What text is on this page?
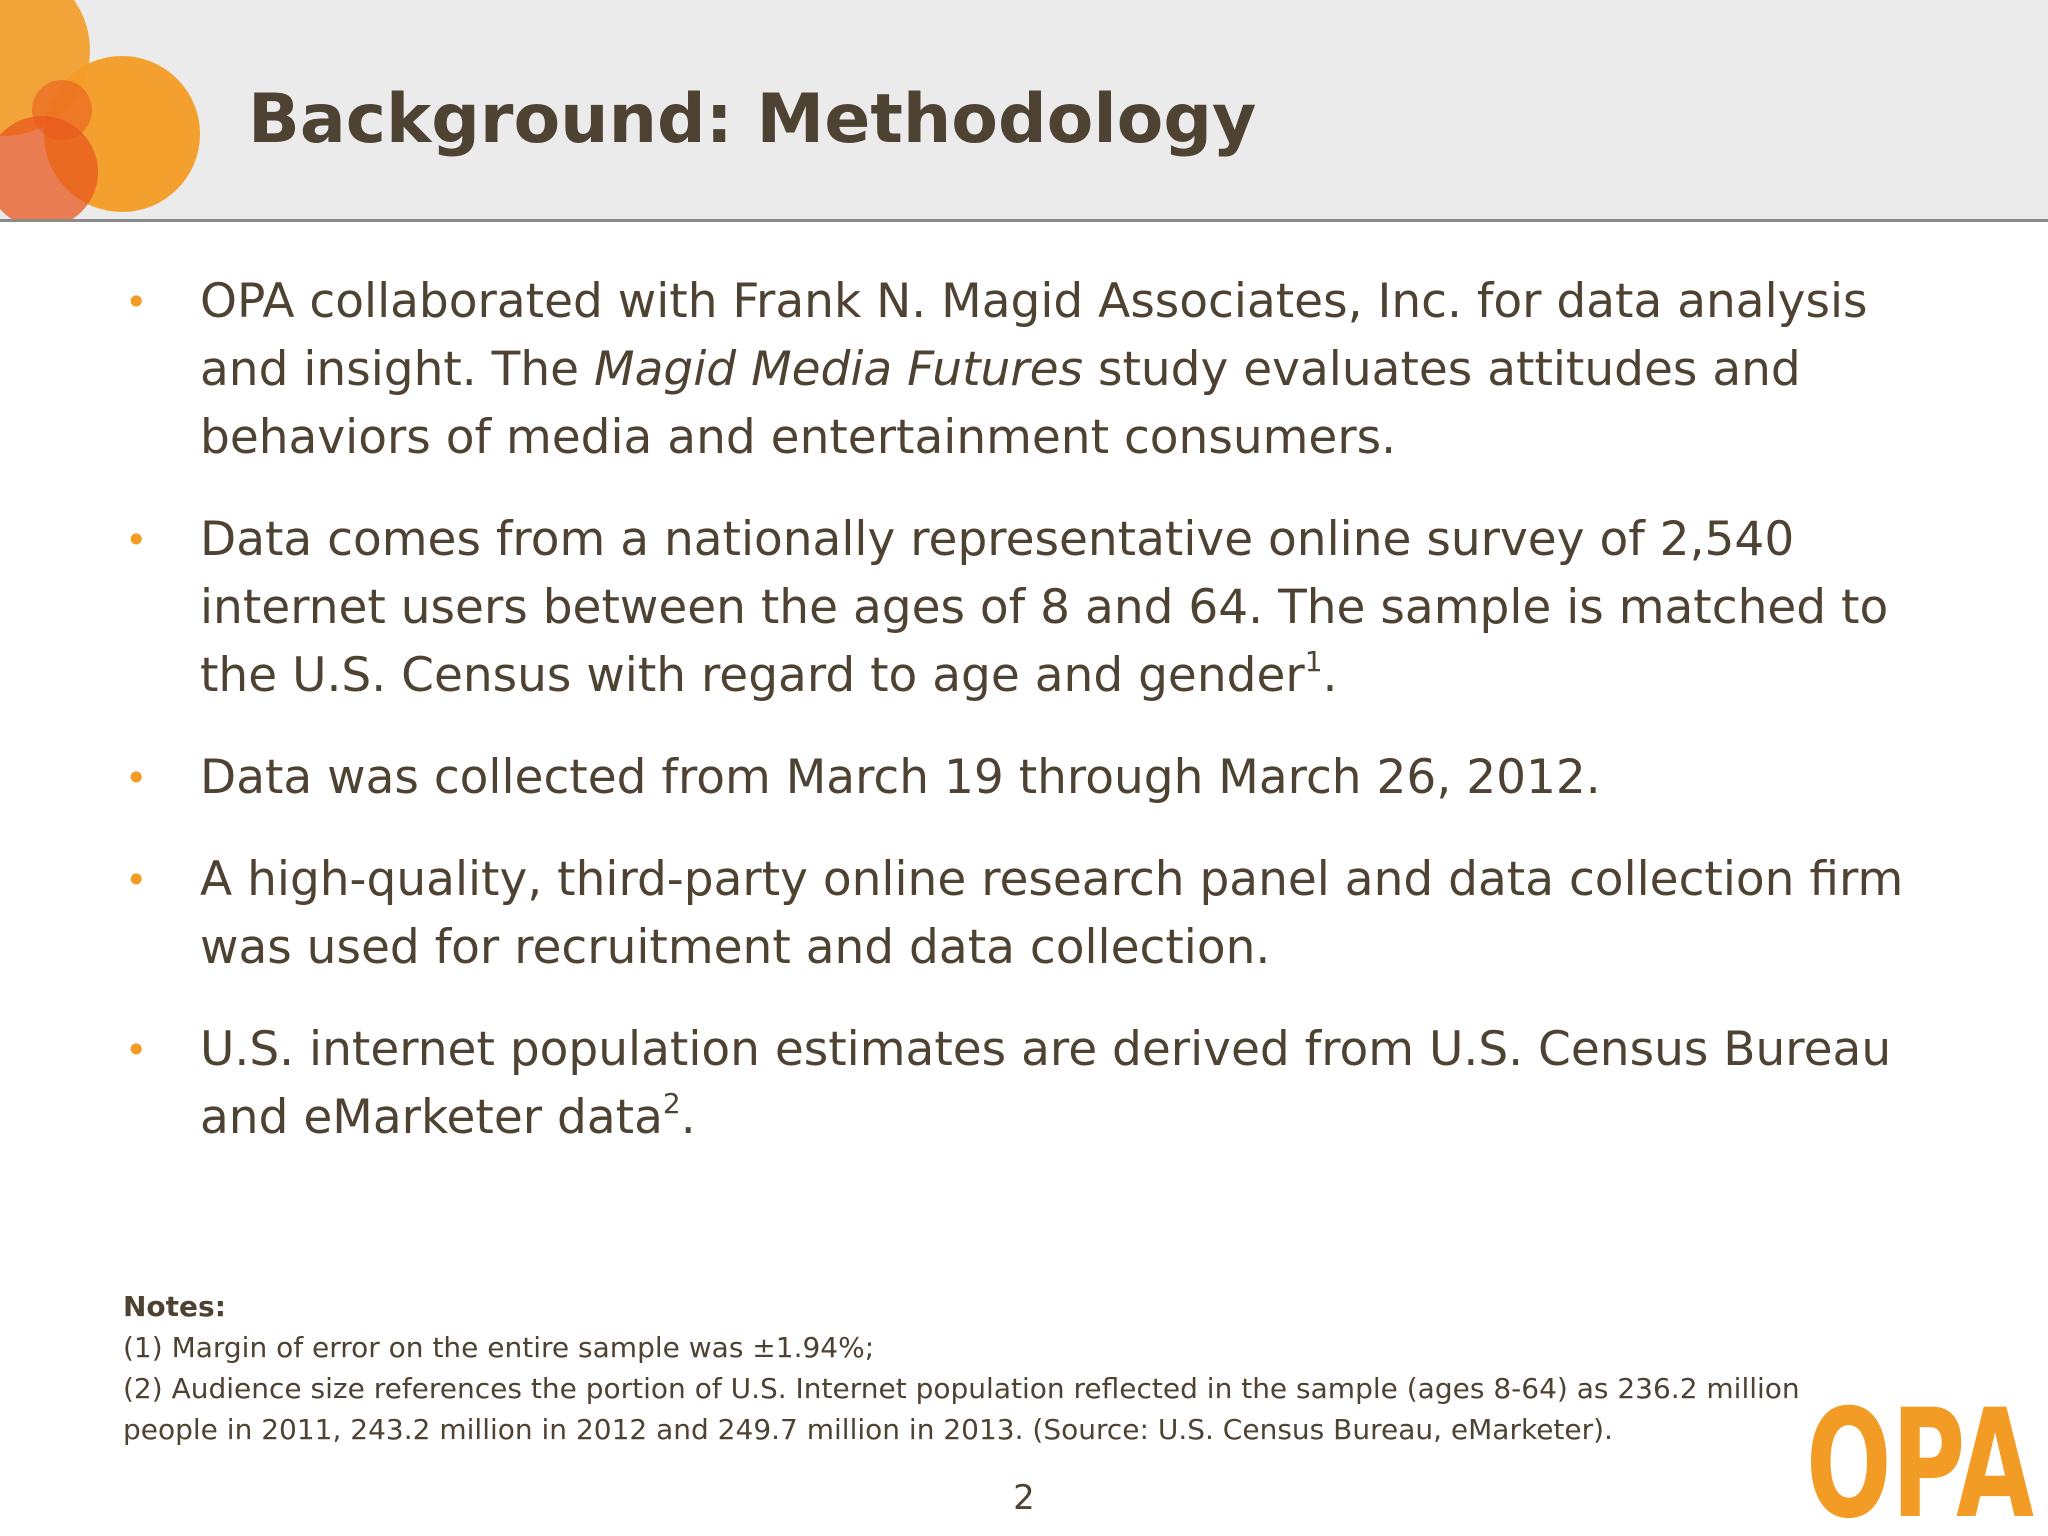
Background: Methodology
• OPA collaborated with Frank N. Magid Associates, Inc. for data analysis and insight. The Magid Media Futures study evaluates attitudes and behaviors of media and entertainment consumers.
• Data comes from a nationally representative online survey of 2,540 internet users between the ages of 8 and 64. The sample is matched to the U.S. Census with regard to age and gender$^1$.
• Data was collected from March 19 through March 26, 2012.
• A high-quality, third-party online research panel and data collection firm was used for recruitment and data collection.
• U.S. internet population estimates are derived from U.S. Census Bureau and eMarketer data$^2$.
Notes:
(1) Margin of error on the entire sample was ±1.94%;
(2) Audience size references the portion of U.S. Internet population reflected in the sample (ages 8-64) as 236.2 million people in 2011, 243.2 million in 2012 and 249.7 million in 2013. (Source: U.S. Census Bureau, eMarketer).
2	OPA
